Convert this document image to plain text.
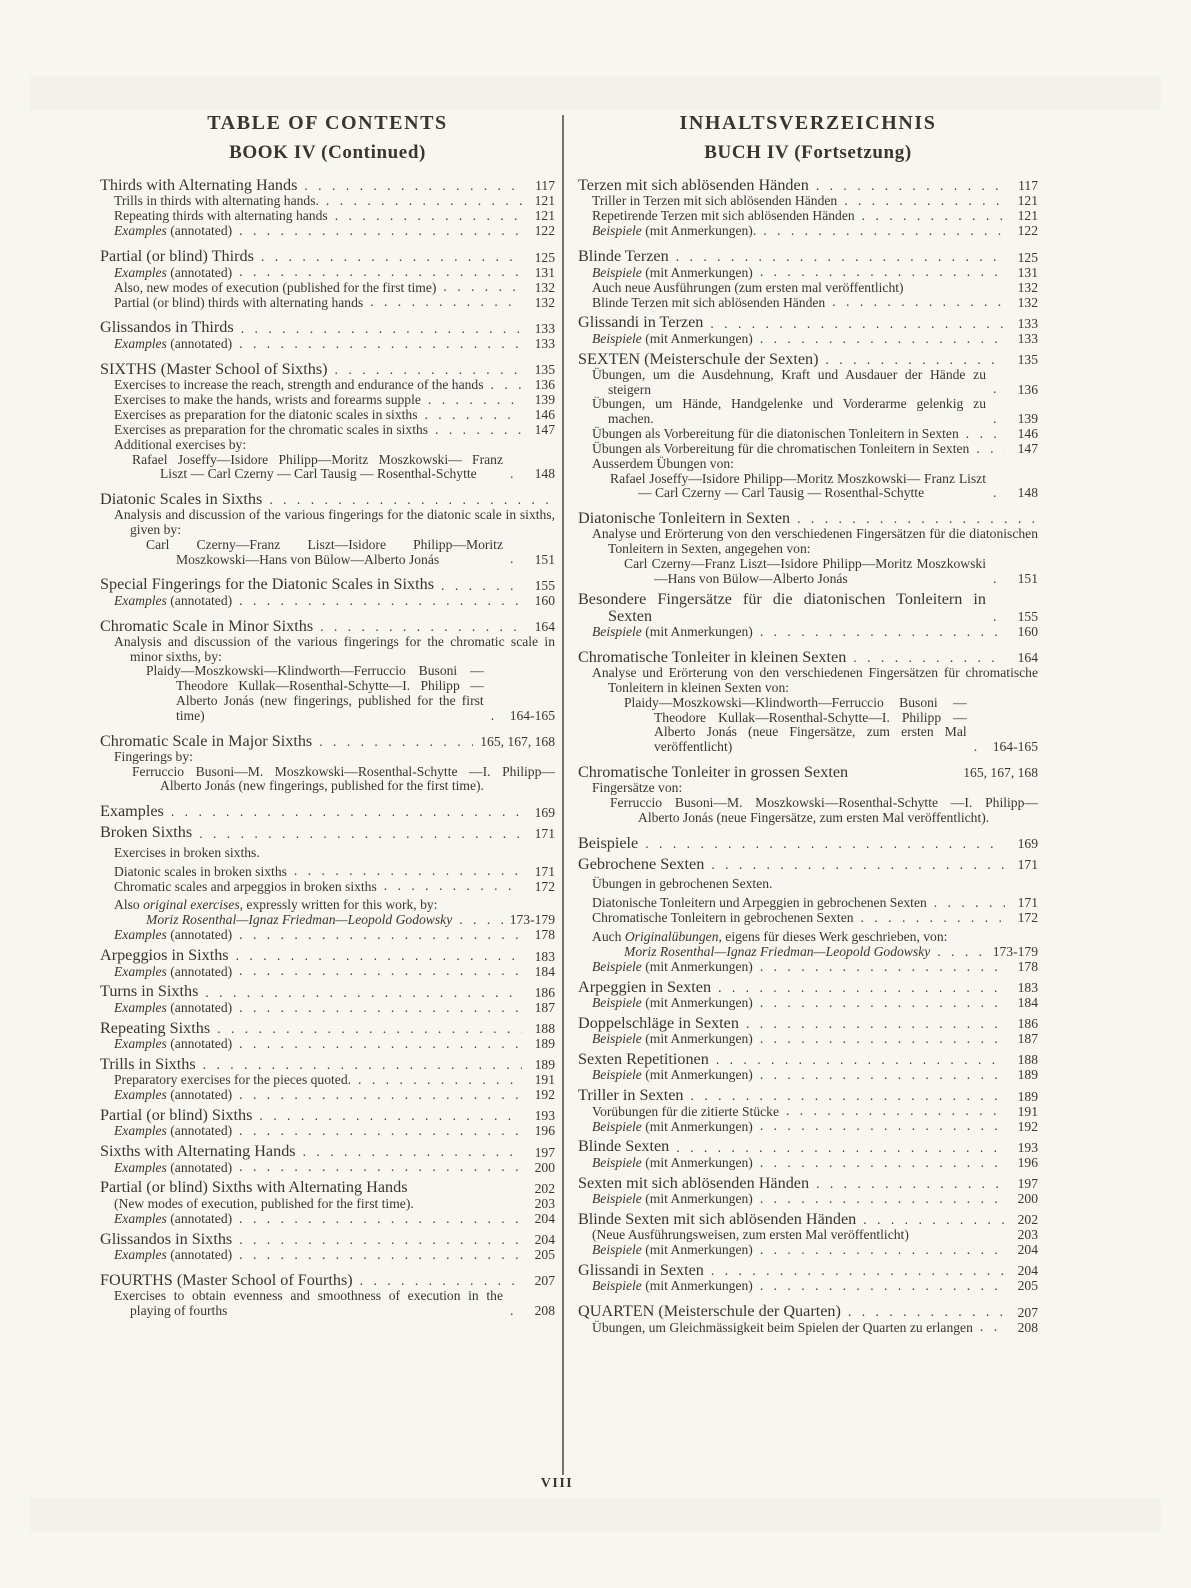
TABLE OF CONTENTS
BOOK IV (Continued)
Thirds with Alternating Hands . . .	117
Trills in thirds with alternating hands. . . .	121
Repeating thirds with alternating hands . . .	121
Examples (annotated) . . .	122
Partial (or blind) Thirds . . .	125
Examples (annotated) . . .	131
Also, new modes of execution (published for the first time) . . .	132
Partial (or blind) thirds with alternating hands . . .	132
Glissandos in Thirds . . .	133
Examples (annotated) . . .	133
SIXTHS (Master School of Sixths) . . .	135
Exercises to increase the reach, strength and endurance of the hands . . .	136
Exercises to make the hands, wrists and forearms supple . . .	139
Exercises as preparation for the diatonic scales in sixths . . .	146
Exercises as preparation for the chromatic scales in sixths . . .	147
Additional exercises by:
Rafael Joseffy—Isidore Philipp—Moritz Moszkowski— Franz Liszt — Carl Czerny — Carl Tausig — Rosenthal-Schytte . . .	148
Diatonic Scales in Sixths
. . .
Analysis and discussion of the various fingerings for the diatonic scale in sixths, given by:
Carl Czerny—Franz Liszt—Isidore Philipp—Moritz Moszkowski—Hans von Bülow—Alberto Jonás . . .	151
Special Fingerings for the Diatonic Scales in Sixths . . .	155
Examples (annotated) . . .	160
Chromatic Scale in Minor Sixths . . .	164
Analysis and discussion of the various fingerings for the chromatic scale in minor sixths, by:
Plaidy—Moszkowski—Klindworth—Ferruccio Busoni —Theodore Kullak—Rosenthal-Schytte—I. Philipp —Alberto Jonás (new fingerings, published for the first time) . . .	164-165
Chromatic Scale in Major Sixths . . .	165, 167, 168
Fingerings by:
Ferruccio Busoni—M. Moszkowski—Rosenthal-Schytte —I. Philipp—Alberto Jonás (new fingerings, published for the first time).
Examples . . .	169
Broken Sixths . . .	171
Exercises in broken sixths.
Diatonic scales in broken sixths . . .	171
Chromatic scales and arpeggios in broken sixths . . .	172
Also original exercises, expressly written for this work, by:
Moriz Rosenthal—Ignaz Friedman—Leopold Godowsky . . .	173-179
Examples (annotated) . . .	178
Arpeggios in Sixths . . .	183
Examples (annotated) . . .	184
Turns in Sixths . . .	186
Examples (annotated) . . .	187
Repeating Sixths . . .	188
Examples (annotated) . . .	189
Trills in Sixths . . .	189
Preparatory exercises for the pieces quoted. . . .	191
Examples (annotated) . . .	192
Partial (or blind) Sixths . . .	193
Examples (annotated) . . .	196
Sixths with Alternating Hands . . .	197
Examples (annotated) . . .	200
Partial (or blind) Sixths with Alternating Hands	202
(New modes of execution, published for the first time).	203
Examples (annotated) . . .	204
Glissandos in Sixths . . .	204
Examples (annotated) . . .	205
FOURTHS (Master School of Fourths) . . .	207
Exercises to obtain evenness and smoothness of execution in the playing of fourths . . .	208
INHALTSVERZEICHNIS
BUCH IV (Fortsetzung)
Terzen mit sich ablösenden Händen . . .	117
Triller in Terzen mit sich ablösenden Händen . . .	121
Repetirende Terzen mit sich ablösenden Händen . . .	121
Beispiele (mit Anmerkungen). . . .	122
Blinde Terzen . . .	125
Beispiele (mit Anmerkungen) . . .	131
Auch neue Ausführungen (zum ersten mal veröffentlicht)	132
Blinde Terzen mit sich ablösenden Händen . . .	132
Glissandi in Terzen . . .	133
Beispiele (mit Anmerkungen) . . .	133
SEXTEN (Meisterschule der Sexten) . . .	135
Übungen, um die Ausdehnung, Kraft und Ausdauer der Hände zu steigern . . .	136
Übungen, um Hände, Handgelenke und Vorderarme gelenkig zu machen. . . .	139
Übungen als Vorbereitung für die diatonischen Tonleitern in Sexten . . .	146
Übungen als Vorbereitung für die chromatischen Tonleitern in Sexten . . .	147
Ausserdem Übungen von:
Rafael Joseffy—Isidore Philipp—Moritz Moszkowski— Franz Liszt — Carl Czerny — Carl Tausig — Rosenthal-Schytte . . .	148
Diatonische Tonleitern in Sexten
. . .
Analyse und Erörterung von den verschiedenen Fingersätzen für die diatonischen Tonleitern in Sexten, angegehen von:
Carl Czerny—Franz Liszt—Isidore Philipp—Moritz Moszkowski—Hans von Bülow—Alberto Jonás . . .	151
Besondere Fingersätze für die diatonischen Tonleitern in Sexten . . .	155
Beispiele (mit Anmerkungen) . . .	160
Chromatische Tonleiter in kleinen Sexten . . .	164
Analyse und Erörterung von den verschiedenen Fingersätzen für chromatische Tonleitern in kleinen Sexten von:
Plaidy—Moszkowski—Klindworth—Ferruccio Busoni —Theodore Kullak—Rosenthal-Schytte—I. Philipp —Alberto Jonás (neue Fingersätze, zum ersten Mal veröffentlicht) . . .	164-165
Chromatische Tonleiter in grossen Sexten	165, 167, 168
Fingersätze von:
Ferruccio Busoni—M. Moszkowski—Rosenthal-Schytte —I. Philipp—Alberto Jonás (neue Fingersätze, zum ersten Mal veröffentlicht).
Beispiele . . .	169
Gebrochene Sexten . . .	171
Übungen in gebrochenen Sexten.
Diatonische Tonleitern und Arpeggien in gebrochenen Sexten . . .	171
Chromatische Tonleitern in gebrochenen Sexten . . .	172
Auch Originalübungen, eigens für dieses Werk geschrieben, von:
Moriz Rosenthal—Ignaz Friedman—Leopold Godowsky . . .	173-179
Beispiele (mit Anmerkungen) . . .	178
Arpeggien in Sexten . . .	183
Beispiele (mit Anmerkungen) . . .	184
Doppelschläge in Sexten . . .	186
Beispiele (mit Anmerkungen) . . .	187
Sexten Repetitionen . . .	188
Beispiele (mit Anmerkungen) . . .	189
Triller in Sexten . . .	189
Vorübungen für die zitierte Stücke . . .	191
Beispiele (mit Anmerkungen) . . .	192
Blinde Sexten . . .	193
Beispiele (mit Anmerkungen) . . .	196
Sexten mit sich ablösenden Händen . . .	197
Beispiele (mit Anmerkungen) . . .	200
Blinde Sexten mit sich ablösenden Händen . . .	202
(Neue Ausführungsweisen, zum ersten Mal veröffentlicht)	203
Beispiele (mit Anmerkungen) . . .	204
Glissandi in Sexten . . .	204
Beispiele (mit Anmerkungen) . . .	205
QUARTEN (Meisterschule der Quarten) . . .	207
Übungen, um Gleichmässigkeit beim Spielen der Quarten zu erlangen . . .	208
VIII
